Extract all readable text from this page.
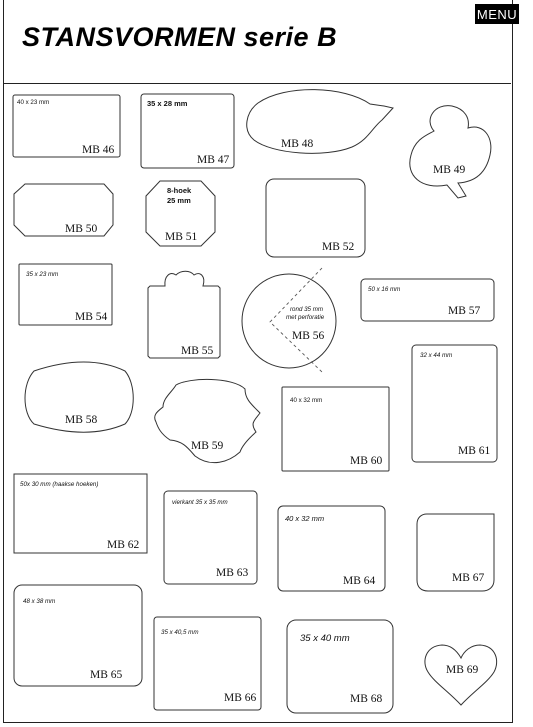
STANSVORMEN serie B
MENU
40 x 23 mm
MB 46
35 x 28 mm
MB 47
MB 48
MB 49
MB 50
8-hoek
25 mm
MB 51
MB 52
35 x 23 mm
MB 54
MB 55
rond 35 mm
met perforatie
MB 56
50 x 16 mm
MB 57
MB 58
MB 59
40 x 32 mm
MB 60
32 x 44 mm
MB 61
50x 30 mm (haakse hoeken)
MB 62
vierkant 35 x 35 mm
MB 63
40 x 32 mm
MB 64
48 x 38 mm
MB 65
35 x 40,5 mm
MB 66
MB 67
35 x 40 mm
MB 68
MB 69
